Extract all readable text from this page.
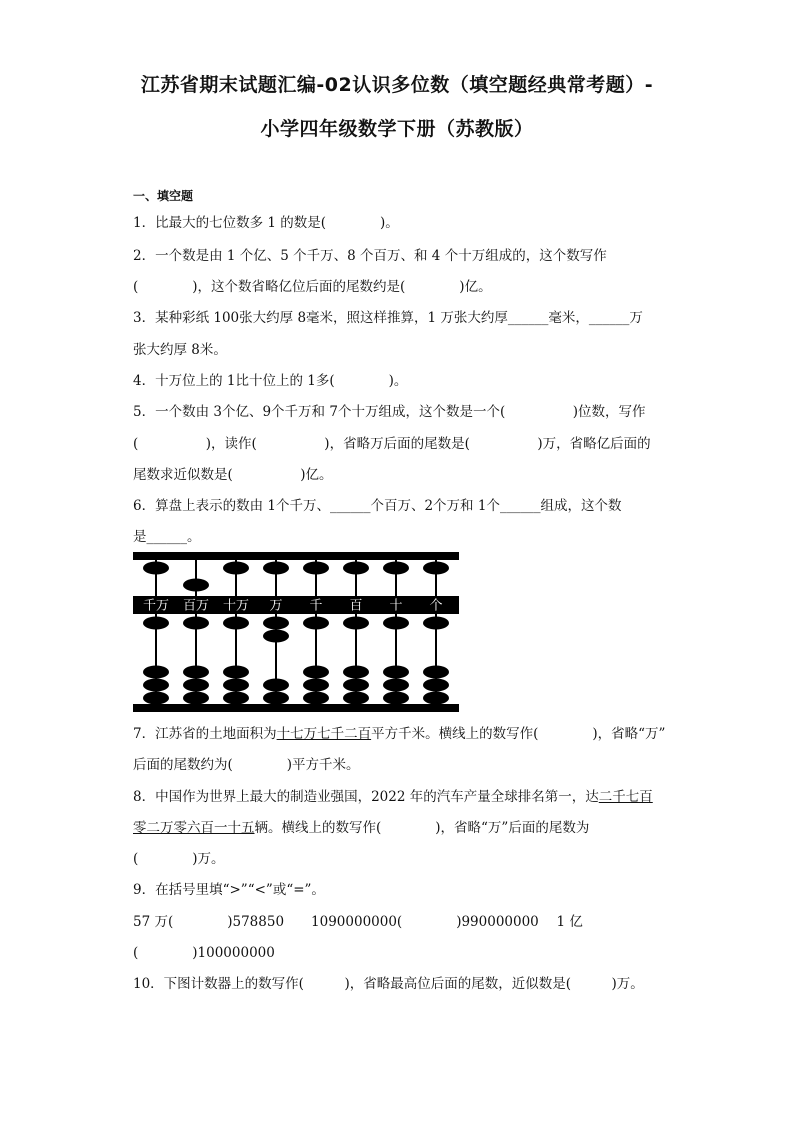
江苏省期末试题汇编-02认识多位数（填空题经典常考题）-
小学四年级数学下册（苏教版）
一、填空题
1．比最大的七位数多 1 的数是(　　　　)。
2．一个数是由 1 个亿、5 个千万、8 个百万、和 4 个十万组成的，这个数写作
(　　　　)，这个数省略亿位后面的尾数约是(　　　　)亿。
3．某种彩纸 100张大约厚 8毫米，照这样推算，1 万张大约厚______毫米，______万
张大约厚 8米。
4．十万位上的 1比十位上的 1多(　　　　)。
5．一个数由 3个亿、9个千万和 7个十万组成，这个数是一个(　　　　　)位数，写作
(　　　　　)，读作(　　　　　)，省略万后面的尾数是(　　　　　)万，省略亿后面的
尾数求近似数是(　　　　　)亿。
6．算盘上表示的数由 1个千万、______个百万、2个万和 1个______组成，这个数
是______。
千万 百万 十万 万 千 百 十 个
7．江苏省的土地面积为十七万七千二百平方千米。横线上的数写作(　　　　)，省略“万”
后面的尾数约为(　　　　)平方千米。
8．中国作为世界上最大的制造业强国，2022 年的汽车产量全球排名第一，达二千七百
零二万零六百一十五辆。横线上的数写作(　　　　)，省略“万”后面的尾数为
(　　　　)万。
9．在括号里填“>”“<”或“=”。
57 万(　　　　)578850　　1090000000(　　　　)990000000　 1 亿
(　　　　)100000000
10．下图计数器上的数写作(　　　)，省略最高位后面的尾数，近似数是(　　　)万。
